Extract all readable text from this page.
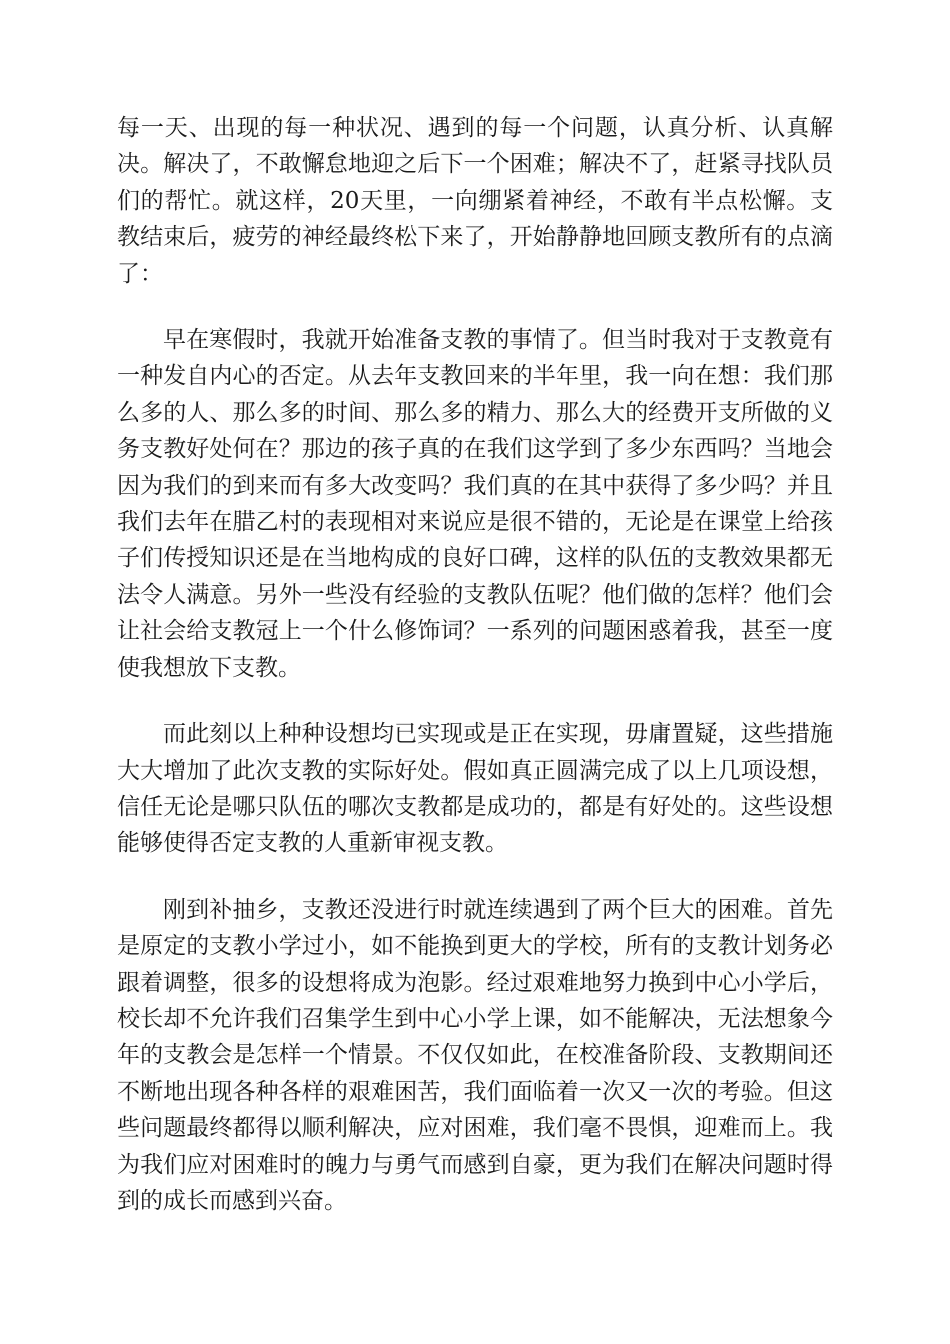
每一天、出现的每一种状况、遇到的每一个问题，认真分析、认真解决。解决了，不敢懈怠地迎之后下一个困难；解决不了，赶紧寻找队员们的帮忙。就这样，20天里，一向绷紧着神经，不敢有半点松懈。支教结束后，疲劳的神经最终松下来了，开始静静地回顾支教所有的点滴了：

早在寒假时，我就开始准备支教的事情了。但当时我对于支教竟有一种发自内心的否定。从去年支教回来的半年里，我一向在想：我们那么多的人、那么多的时间、那么多的精力、那么大的经费开支所做的义务支教好处何在？那边的孩子真的在我们这学到了多少东西吗？当地会因为我们的到来而有多大改变吗？我们真的在其中获得了多少吗？并且我们去年在腊乙村的表现相对来说应是很不错的，无论是在课堂上给孩子们传授知识还是在当地构成的良好口碑，这样的队伍的支教效果都无法令人满意。另外一些没有经验的支教队伍呢？他们做的怎样？他们会让社会给支教冠上一个什么修饰词？一系列的问题困惑着我，甚至一度使我想放下支教。

而此刻以上种种设想均已实现或是正在实现，毋庸置疑，这些措施大大增加了此次支教的实际好处。假如真正圆满完成了以上几项设想，信任无论是哪只队伍的哪次支教都是成功的，都是有好处的。这些设想能够使得否定支教的人重新审视支教。

刚到补抽乡，支教还没进行时就连续遇到了两个巨大的困难。首先是原定的支教小学过小，如不能换到更大的学校，所有的支教计划务必跟着调整，很多的设想将成为泡影。经过艰难地努力换到中心小学后，校长却不允许我们召集学生到中心小学上课，如不能解决，无法想象今年的支教会是怎样一个情景。不仅仅如此，在校准备阶段、支教期间还不断地出现各种各样的艰难困苦，我们面临着一次又一次的考验。但这些问题最终都得以顺利解决，应对困难，我们毫不畏惧，迎难而上。我为我们应对困难时的魄力与勇气而感到自豪，更为我们在解决问题时得到的成长而感到兴奋。
